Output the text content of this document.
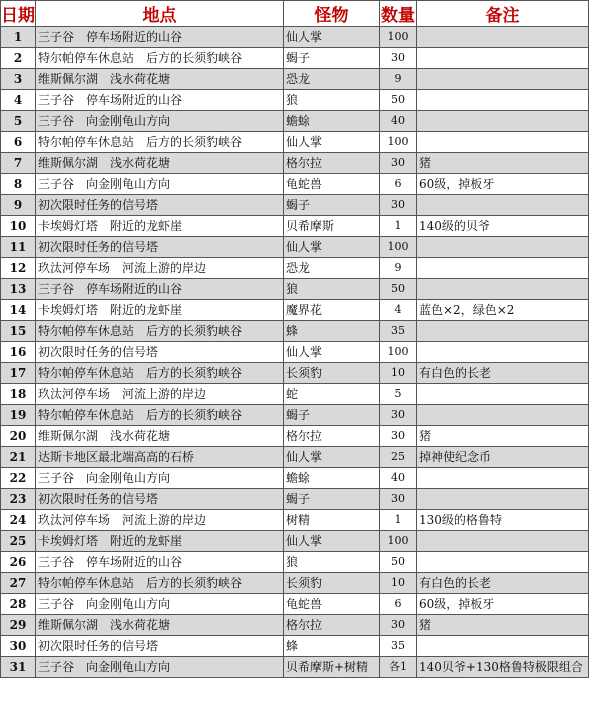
日期	地点	怪物	数量	备注
1	三子谷　停车场附近的山谷	仙人掌	100	
2	特尔帕停车休息站　后方的长须豹峡谷	蝎子	30	
3	维斯佩尔湖　浅水荷花塘	恐龙	9	
4	三子谷　停车场附近的山谷	狼	50	
5	三子谷　向金刚龟山方向	蟾蜍	40	
6	特尔帕停车休息站　后方的长须豹峡谷	仙人掌	100	
7	维斯佩尔湖　浅水荷花塘	格尔拉	30	猪
8	三子谷　向金刚龟山方向	龟蛇兽	6	60级，掉板牙
9	初次限时任务的信号塔	蝎子	30	
10	卡埃姆灯塔　附近的龙虾崖	贝希摩斯	1	140级的贝爷
11	初次限时任务的信号塔	仙人掌	100	
12	玖汰河停车场　河流上游的岸边	恐龙	9	
13	三子谷　停车场附近的山谷	狼	50	
14	卡埃姆灯塔　附近的龙虾崖	魔界花	4	蓝色×2，绿色×2
15	特尔帕停车休息站　后方的长须豹峡谷	蜂	35	
16	初次限时任务的信号塔	仙人掌	100	
17	特尔帕停车休息站　后方的长须豹峡谷	长须豹	10	有白色的长老
18	玖汰河停车场　河流上游的岸边	蛇	5	
19	特尔帕停车休息站　后方的长须豹峡谷	蝎子	30	
20	维斯佩尔湖　浅水荷花塘	格尔拉	30	猪
21	达斯卡地区最北端高高的石桥	仙人掌	25	掉神使纪念币
22	三子谷　向金刚龟山方向	蟾蜍	40	
23	初次限时任务的信号塔	蝎子	30	
24	玖汰河停车场　河流上游的岸边	树精	1	130级的格鲁特
25	卡埃姆灯塔　附近的龙虾崖	仙人掌	100	
26	三子谷　停车场附近的山谷	狼	50	
27	特尔帕停车休息站　后方的长须豹峡谷	长须豹	10	有白色的长老
28	三子谷　向金刚龟山方向	龟蛇兽	6	60级，掉板牙
29	维斯佩尔湖　浅水荷花塘	格尔拉	30	猪
30	初次限时任务的信号塔	蜂	35	
31	三子谷　向金刚龟山方向	贝希摩斯+树精	各1	140贝爷+130格鲁特极限组合
